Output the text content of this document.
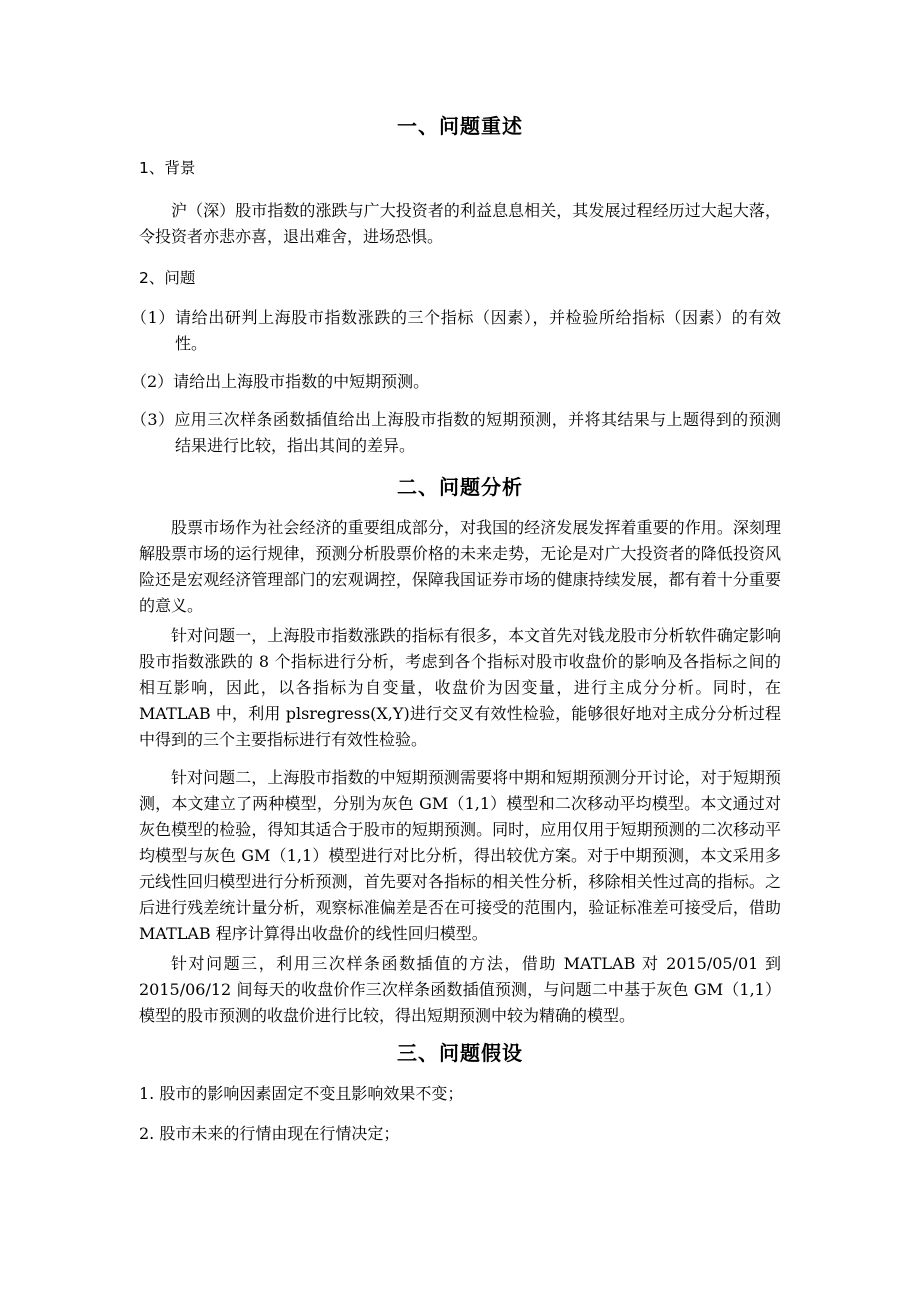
一、问题重述
1、背景

沪（深）股市指数的涨跌与广大投资者的利益息息相关，其发展过程经历过大起大落，令投资者亦悲亦喜，退出难舍，进场恐惧。

2、问题

（1）请给出研判上海股市指数涨跌的三个指标（因素），并检验所给指标（因素）的有效性。

（2）请给出上海股市指数的中短期预测。

（3）应用三次样条函数插值给出上海股市指数的短期预测，并将其结果与上题得到的预测结果进行比较，指出其间的差异。

二、问题分析

股票市场作为社会经济的重要组成部分，对我国的经济发展发挥着重要的作用。深刻理解股票市场的运行规律，预测分析股票价格的未来走势，无论是对广大投资者的降低投资风险还是宏观经济管理部门的宏观调控，保障我国证券市场的健康持续发展，都有着十分重要的意义。

针对问题一，上海股市指数涨跌的指标有很多，本文首先对钱龙股市分析软件确定影响股市指数涨跌的 8 个指标进行分析，考虑到各个指标对股市收盘价的影响及各指标之间的相互影响，因此，以各指标为自变量，收盘价为因变量，进行主成分分析。同时，在 MATLAB 中，利用 plsregress(X,Y)进行交叉有效性检验，能够很好地对主成分分析过程中得到的三个主要指标进行有效性检验。

针对问题二，上海股市指数的中短期预测需要将中期和短期预测分开讨论，对于短期预测，本文建立了两种模型，分别为灰色 GM（1,1）模型和二次移动平均模型。本文通过对灰色模型的检验，得知其适合于股市的短期预测。同时，应用仅用于短期预测的二次移动平均模型与灰色 GM（1,1）模型进行对比分析，得出较优方案。对于中期预测，本文采用多元线性回归模型进行分析预测，首先要对各指标的相关性分析，移除相关性过高的指标。之后进行残差统计量分析，观察标准偏差是否在可接受的范围内，验证标准差可接受后，借助 MATLAB 程序计算得出收盘价的线性回归模型。

针对问题三，利用三次样条函数插值的方法，借助 MATLAB 对 2015/05/01 到 2015/06/12 间每天的收盘价作三次样条函数插值预测，与问题二中基于灰色 GM（1,1）模型的股市预测的收盘价进行比较，得出短期预测中较为精确的模型。

三、问题假设

1. 股市的影响因素固定不变且影响效果不变；

2. 股市未来的行情由现在行情决定；
